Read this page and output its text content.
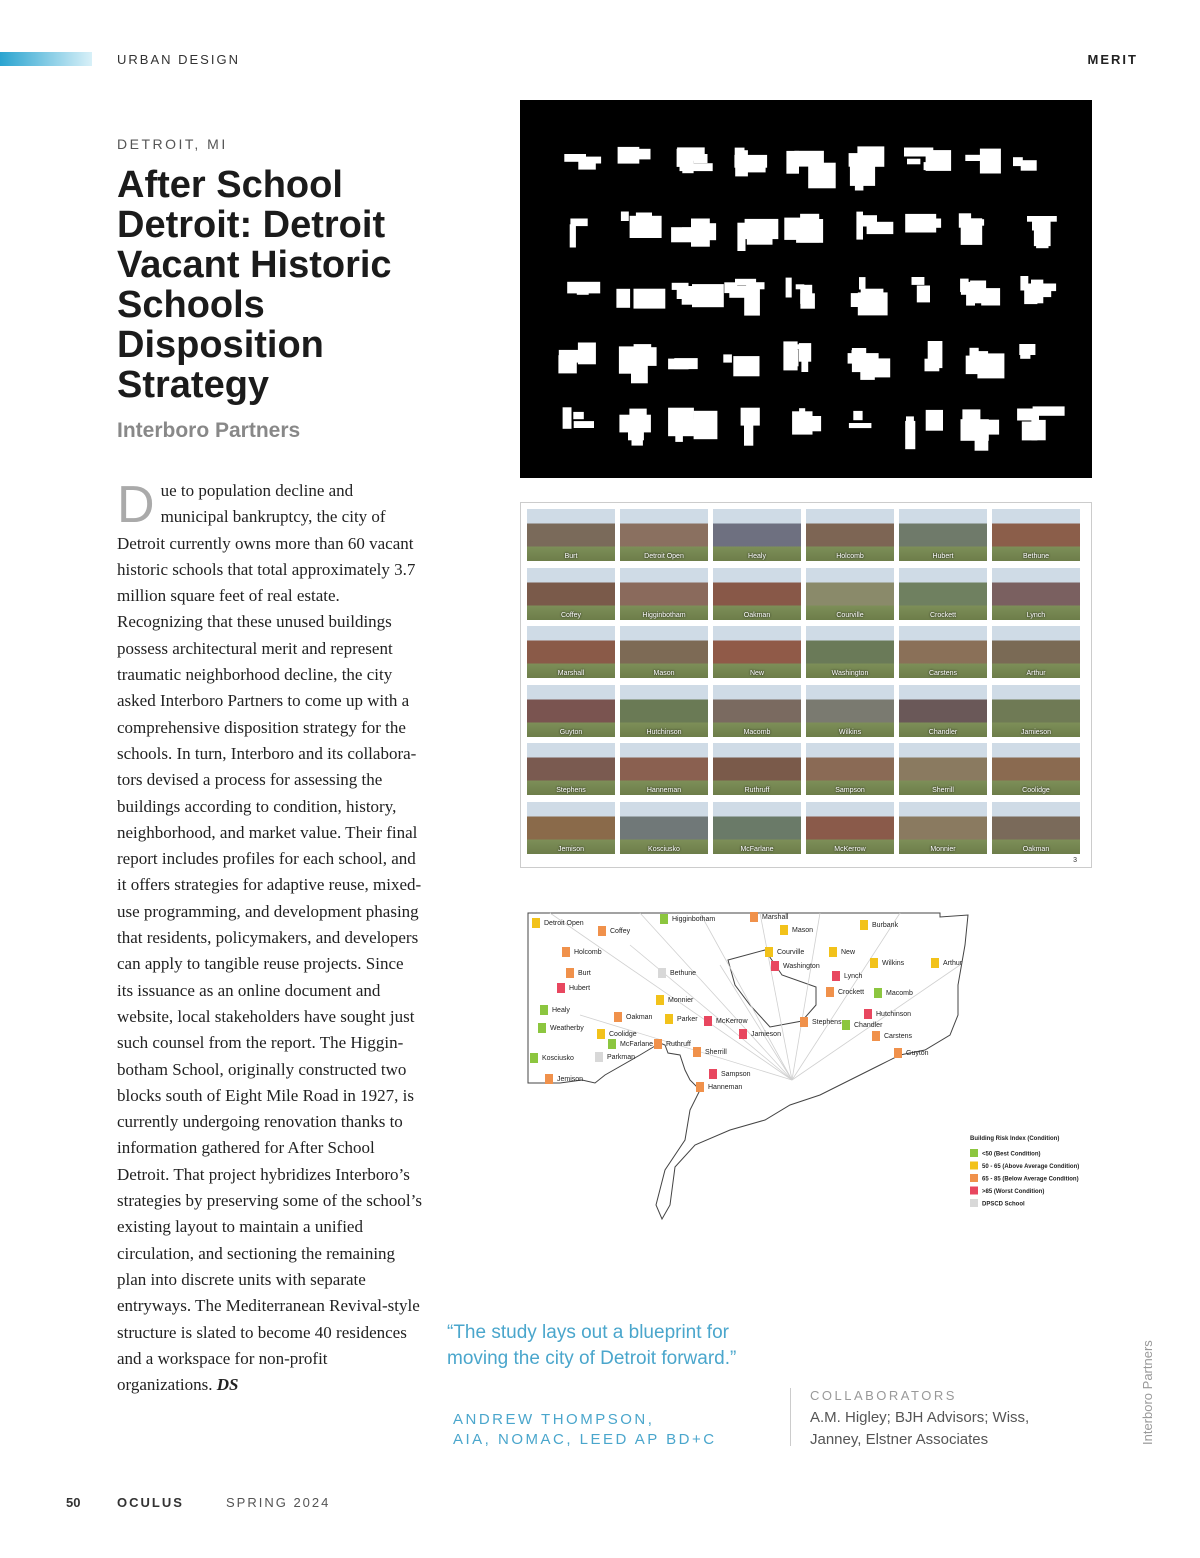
URBAN DESIGN	MERIT
DETROIT, MI
After School Detroit: Detroit Vacant Historic Schools Disposition Strategy
Interboro Partners

Due to population decline and municipal bankruptcy, the city of Detroit currently owns more than 60 vacant historic schools that total approximately 3.7 million square feet of real estate. Recognizing that these unused buildings possess architectural merit and represent traumatic neighborhood decline, the city asked Interboro Partners to come up with a comprehensive disposition strategy for the schools. In turn, Interboro and its collaborators devised a process for assessing the buildings according to condition, history, neighborhood, and market value. Their final report includes profiles for each school, and it offers strategies for adaptive reuse, mixed-use programming, and development phasing that residents, policymakers, and developers can apply to tangible reuse projects. Since its issuance as an online document and website, local stakeholders have sought just such counsel from the report. The Higginbotham School, originally constructed two blocks south of Eight Mile Road in 1927, is currently undergoing renovation thanks to information gathered for After School Detroit. That project hybridizes Interboro’s strategies by preserving some of the school’s existing layout to maintain a unified circulation, and sectioning the remaining plan into discrete units with separate entryways. The Mediterranean Revival-style structure is slated to become 40 residences and a workspace for non-profit organizations. DS

Burt	Detroit Open	Healy	Holcomb	Hubert	Bethune
Coffey	Higginbotham	Oakman	Courville	Crockett	Lynch
Marshall	Mason	New	Washington	Carstens	Arthur
Guyton	Hutchinson	Macomb	Wilkins	Chandler	Jamieson
Stephens	Hanneman	Ruthruff	Sampson	Sherrill	Coolidge
Jemison	Kosciusko	McFarlane	McKerrow	Monnier	Oakman
3
Detroit Open
Coffey
Higginbotham	Marshall
Mason
Burbank
Holcomb	Courville	New
Wilkins	Arthur
Washington
Lynch
Burt	Bethune
Hubert
Crockett	Macomb
Monnier
Healy
Oakman	Parker	McKerrow	Stephens Chandler
Hutchinson
Weatherby
Coolidge	Jamieson	Carstens
McFarlane Ruthruff
Kosciusko	Parkman
Sherrill	Guyton
Jemison
Sampson
Hanneman
Building Risk Index (Condition)
<50 (Best Condition)
50 - 65 (Above Average Condition)
65 - 85 (Below Average Condition)
>85 (Worst Condition)
DPSCD School

“The study lays out a blueprint for moving the city of Detroit forward.”

ANDREW THOMPSON,
AIA, NOMAC, LEED AP BD+C
COLLABORATORS
A.M. Higley; BJH Advisors; Wiss, Janney, Elstner Associates	Interboro Partners
50	OCULUS	SPRING 2024
